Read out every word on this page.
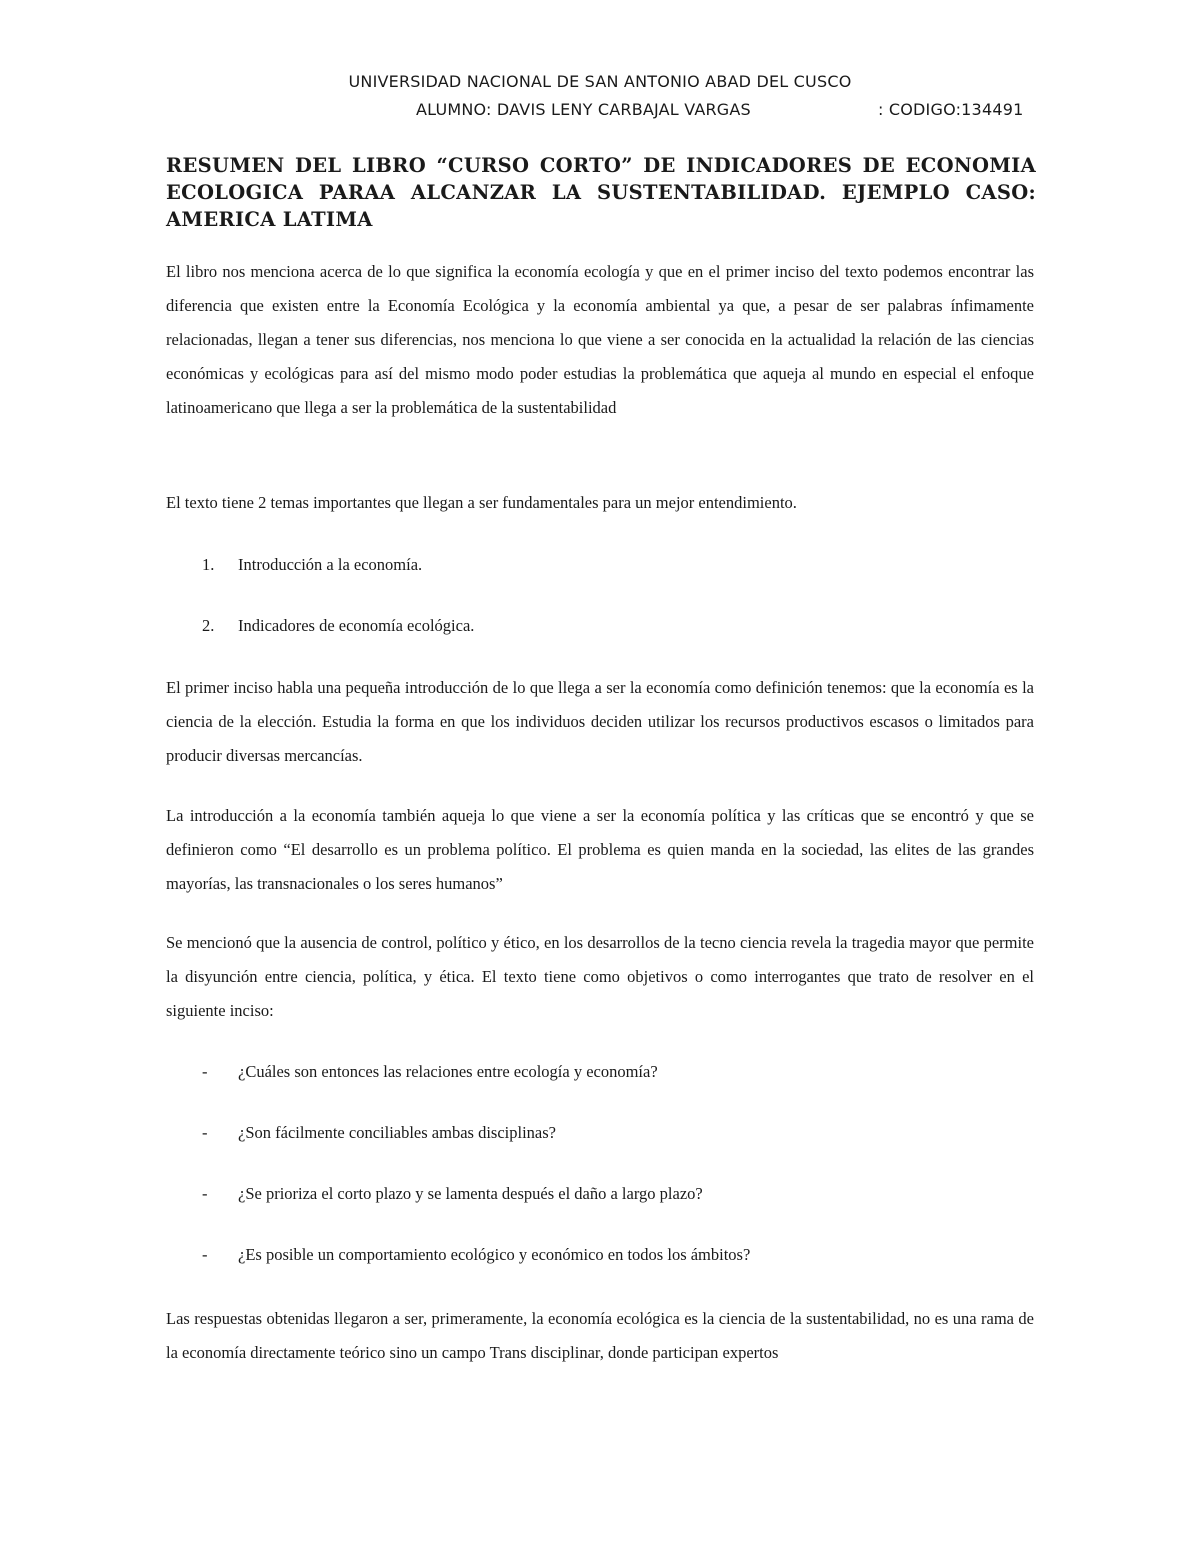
UNIVERSIDAD NACIONAL DE SAN ANTONIO ABAD DEL CUSCO
ALUMNO: DAVIS LENY CARBAJAL VARGAS	: CODIGO:134491
RESUMEN DEL LIBRO “CURSO CORTO” DE INDICADORES DE ECONOMIA ECOLOGICA PARAA ALCANZAR LA SUSTENTABILIDAD. EJEMPLO CASO: AMERICA LATIMA

El libro nos menciona acerca de lo que significa la economía ecología y que en el primer inciso del texto podemos encontrar las diferencia que existen entre la Economía Ecológica y la economía ambiental ya que, a pesar de ser palabras ínfimamente relacionadas, llegan a tener sus diferencias, nos menciona lo que viene a ser conocida en la actualidad la relación de las ciencias económicas y ecológicas para así del mismo modo poder estudias la problemática que aqueja al mundo en especial el enfoque latinoamericano que llega a ser la problemática de la sustentabilidad

El texto tiene 2 temas importantes que llegan a ser fundamentales para un mejor entendimiento.

1. Introducción a la economía.
2. Indicadores de economía ecológica.

El primer inciso habla una pequeña introducción de lo que llega a ser la economía como definición tenemos: que la economía es la ciencia de la elección. Estudia la forma en que los individuos deciden utilizar los recursos productivos escasos o limitados para producir diversas mercancías.

La introducción a la economía también aqueja lo que viene a ser la economía política y las críticas que se encontró y que se definieron como “El desarrollo es un problema político. El problema es quien manda en la sociedad, las elites de las grandes mayorías, las transnacionales o los seres humanos”

Se mencionó que la ausencia de control, político y ético, en los desarrollos de la tecno ciencia revela la tragedia mayor que permite la disyunción entre ciencia, política, y ética. El texto tiene como objetivos o como interrogantes que trato de resolver en el siguiente inciso:

- ¿Cuáles son entonces las relaciones entre ecología y economía?
- ¿Son fácilmente conciliables ambas disciplinas?
- ¿Se prioriza el corto plazo y se lamenta después el daño a largo plazo?
- ¿Es posible un comportamiento ecológico y económico en todos los ámbitos?

Las respuestas obtenidas llegaron a ser, primeramente, la economía ecológica es la ciencia de la sustentabilidad, no es una rama de la economía directamente teórico sino un campo Trans disciplinar, donde participan expertos
